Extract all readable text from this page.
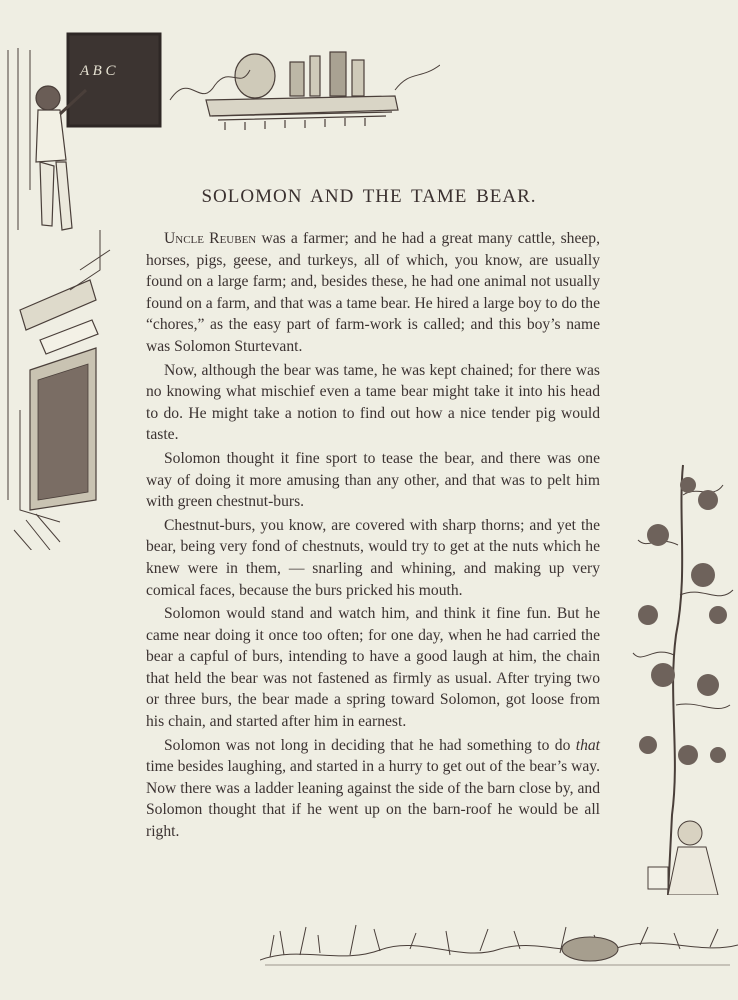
A B C
SOLOMON AND THE TAME BEAR.

Uncle Reuben was a farmer; and he had a great many cattle, sheep, horses, pigs, geese, and turkeys, all of which, you know, are usually found on a large farm; and, besides these, he had one animal not usually found on a farm, and that was a tame bear. He hired a large boy to do the “chores,” as the easy part of farm-work is called; and this boy’s name was Solomon Sturtevant.

Now, although the bear was tame, he was kept chained; for there was no knowing what mischief even a tame bear might take it into his head to do. He might take a notion to find out how a nice tender pig would taste.

Solomon thought it fine sport to tease the bear, and there was one way of doing it more amusing than any other, and that was to pelt him with green chestnut-burs.

Chestnut-burs, you know, are covered with sharp thorns; and yet the bear, being very fond of chestnuts, would try to get at the nuts which he knew were in them, — snarling and whining, and making up very comical faces, because the burs pricked his mouth.

Solomon would stand and watch him, and think it fine fun. But he came near doing it once too often; for one day, when he had carried the bear a capful of burs, intending to have a good laugh at him, the chain that held the bear was not fastened as firmly as usual. After trying two or three burs, the bear made a spring toward Solomon, got loose from his chain, and started after him in earnest.

Solomon was not long in deciding that he had something to do that time besides laughing, and started in a hurry to get out of the bear’s way. Now there was a ladder leaning against the side of the barn close by, and Solomon thought that if he went up on the barn-roof he would be all right.
